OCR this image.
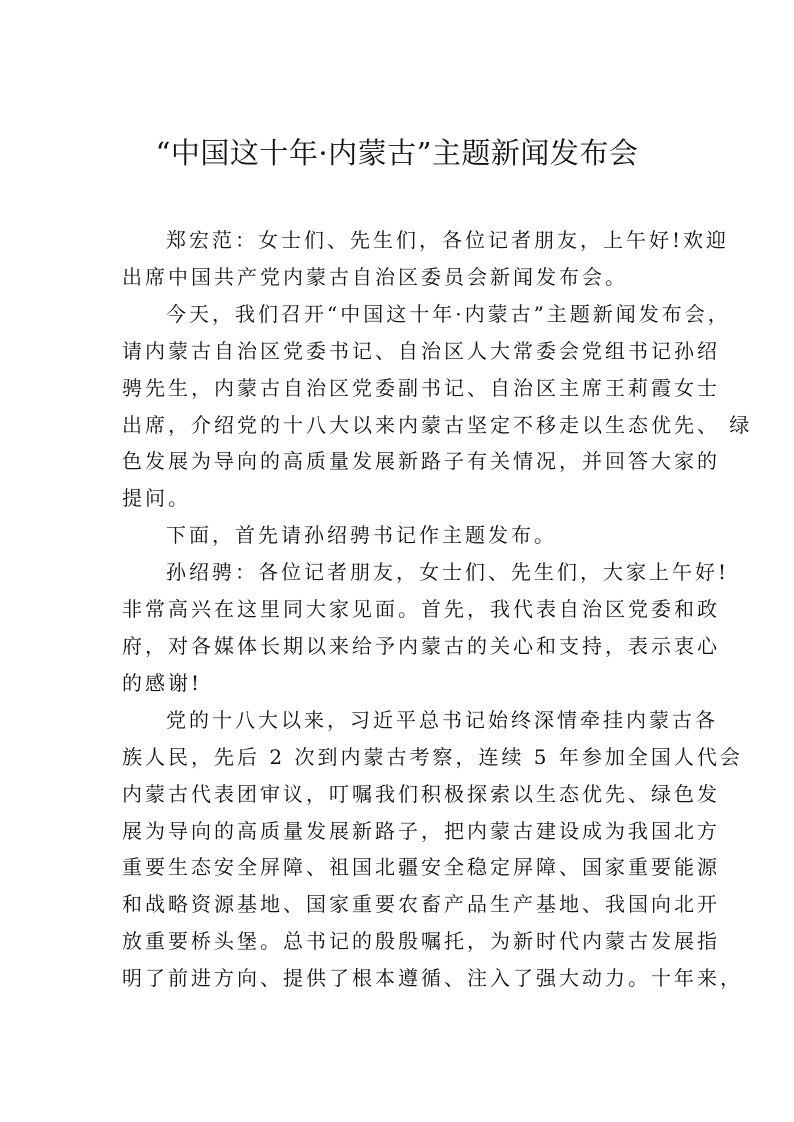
“中国这十年·内蒙古”主题新闻发布会

郑宏范：女士们、先生们，各位记者朋友，上午好!欢迎
出席中国共产党内蒙古自治区委员会新闻发布会。

今天，我们召开“中国这十年·内蒙古”主题新闻发布会，
请内蒙古自治区党委书记、自治区人大常委会党组书记孙绍
骋先生，内蒙古自治区党委副书记、自治区主席王莉霞女士
出席，介绍党的十八大以来内蒙古坚定不移走以生态优先、 绿
色发展为导向的高质量发展新路子有关情况，并回答大家的
提问。

下面，首先请孙绍骋书记作主题发布。

孙绍骋：各位记者朋友，女士们、先生们，大家上午好!
非常高兴在这里同大家见面。首先，我代表自治区党委和政
府，对各媒体长期以来给予内蒙古的关心和支持，表示衷心
的感谢!

党的十八大以来，习近平总书记始终深情牵挂内蒙古各
族人民，先后 2 次到内蒙古考察，连续 5 年参加全国人代会
内蒙古代表团审议，叮嘱我们积极探索以生态优先、绿色发
展为导向的高质量发展新路子，把内蒙古建设成为我国北方
重要生态安全屏障、祖国北疆安全稳定屏障、国家重要能源
和战略资源基地、国家重要农畜产品生产基地、我国向北开
放重要桥头堡。总书记的殷殷嘱托，为新时代内蒙古发展指
明了前进方向、提供了根本遵循、注入了强大动力。十年来，
